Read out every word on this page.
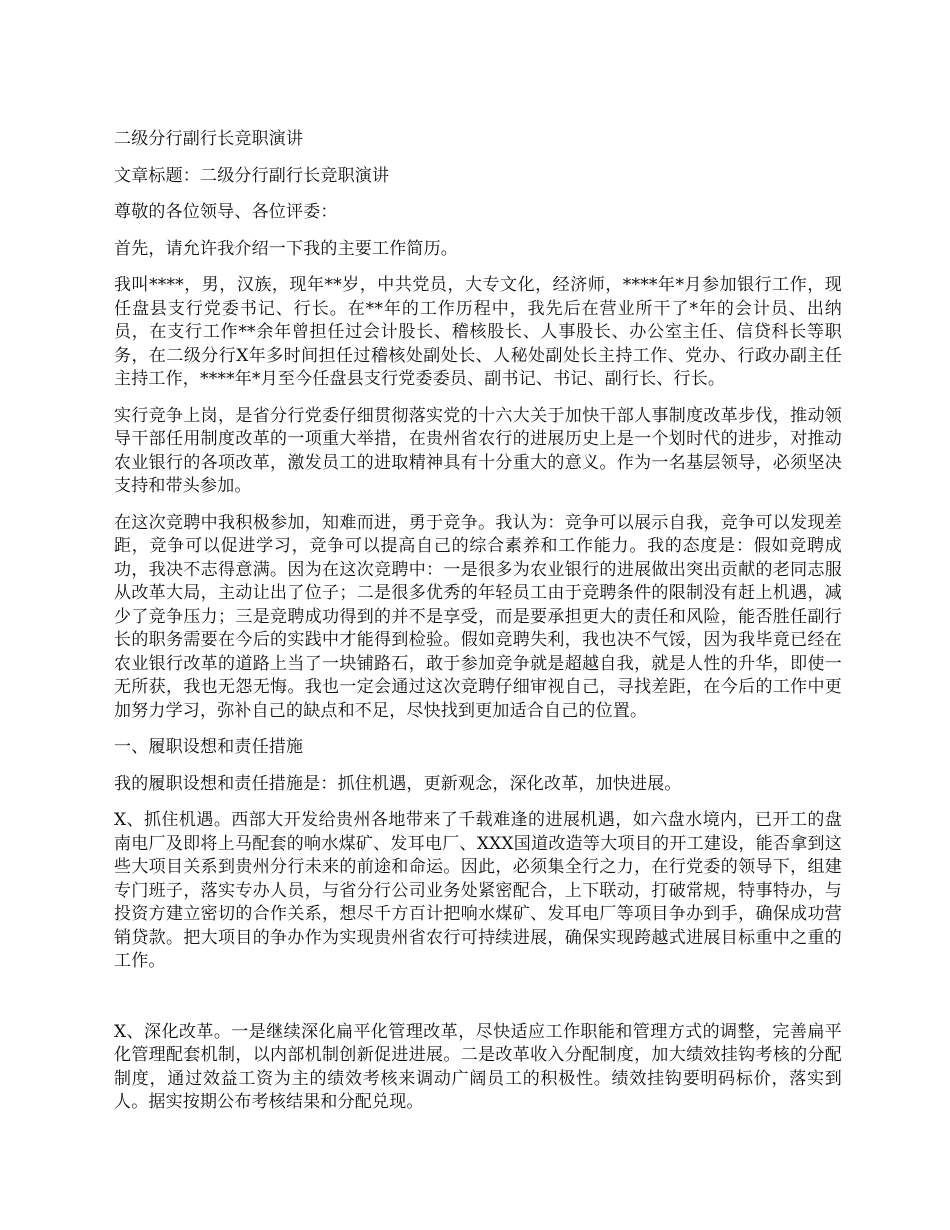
二级分行副行长竞职演讲

文章标题：二级分行副行长竞职演讲

尊敬的各位领导、各位评委：

首先，请允许我介绍一下我的主要工作简历。

我叫****，男，汉族，现年**岁，中共党员，大专文化，经济师，****年*月参加银行工作，现任盘县支行党委书记、行长。在**年的工作历程中，我先后在营业所干了*年的会计员、出纳员，在支行工作**余年曾担任过会计股长、稽核股长、人事股长、办公室主任、信贷科长等职务，在二级分行X年多时间担任过稽核处副处长、人秘处副处长主持工作、党办、行政办副主任主持工作，****年*月至今任盘县支行党委委员、副书记、书记、副行长、行长。

实行竞争上岗，是省分行党委仔细贯彻落实党的十六大关于加快干部人事制度改革步伐，推动领导干部任用制度改革的一项重大举措，在贵州省农行的进展历史上是一个划时代的进步，对推动农业银行的各项改革，激发员工的进取精神具有十分重大的意义。作为一名基层领导，必须坚决支持和带头参加。

在这次竞聘中我积极参加，知难而进，勇于竞争。我认为：竞争可以展示自我，竞争可以发现差距，竞争可以促进学习，竞争可以提高自己的综合素养和工作能力。我的态度是：假如竞聘成功，我决不志得意满。因为在这次竞聘中：一是很多为农业银行的进展做出突出贡献的老同志服从改革大局，主动让出了位子；二是很多优秀的年轻员工由于竞聘条件的限制没有赶上机遇，减少了竞争压力；三是竞聘成功得到的并不是享受，而是要承担更大的责任和风险，能否胜任副行长的职务需要在今后的实践中才能得到检验。假如竞聘失利，我也决不气馁，因为我毕竟已经在农业银行改革的道路上当了一块铺路石，敢于参加竞争就是超越自我，就是人性的升华，即使一无所获，我也无怨无悔。我也一定会通过这次竞聘仔细审视自己，寻找差距，在今后的工作中更加努力学习，弥补自己的缺点和不足，尽快找到更加适合自己的位置。

一、履职设想和责任措施

我的履职设想和责任措施是：抓住机遇，更新观念，深化改革，加快进展。

X、抓住机遇。西部大开发给贵州各地带来了千载难逢的进展机遇，如六盘水境内，已开工的盘南电厂及即将上马配套的响水煤矿、发耳电厂、XXX国道改造等大项目的开工建设，能否拿到这些大项目关系到贵州分行未来的前途和命运。因此，必须集全行之力，在行党委的领导下，组建专门班子，落实专办人员，与省分行公司业务处紧密配合，上下联动，打破常规，特事特办，与投资方建立密切的合作关系，想尽千方百计把响水煤矿、发耳电厂等项目争办到手，确保成功营销贷款。把大项目的争办作为实现贵州省农行可持续进展，确保实现跨越式进展目标重中之重的工作。

X、深化改革。一是继续深化扁平化管理改革，尽快适应工作职能和管理方式的调整，完善扁平化管理配套机制，以内部机制创新促进进展。二是改革收入分配制度，加大绩效挂钩考核的分配制度，通过效益工资为主的绩效考核来调动广阔员工的积极性。绩效挂钩要明码标价，落实到人。据实按期公布考核结果和分配兑现。
